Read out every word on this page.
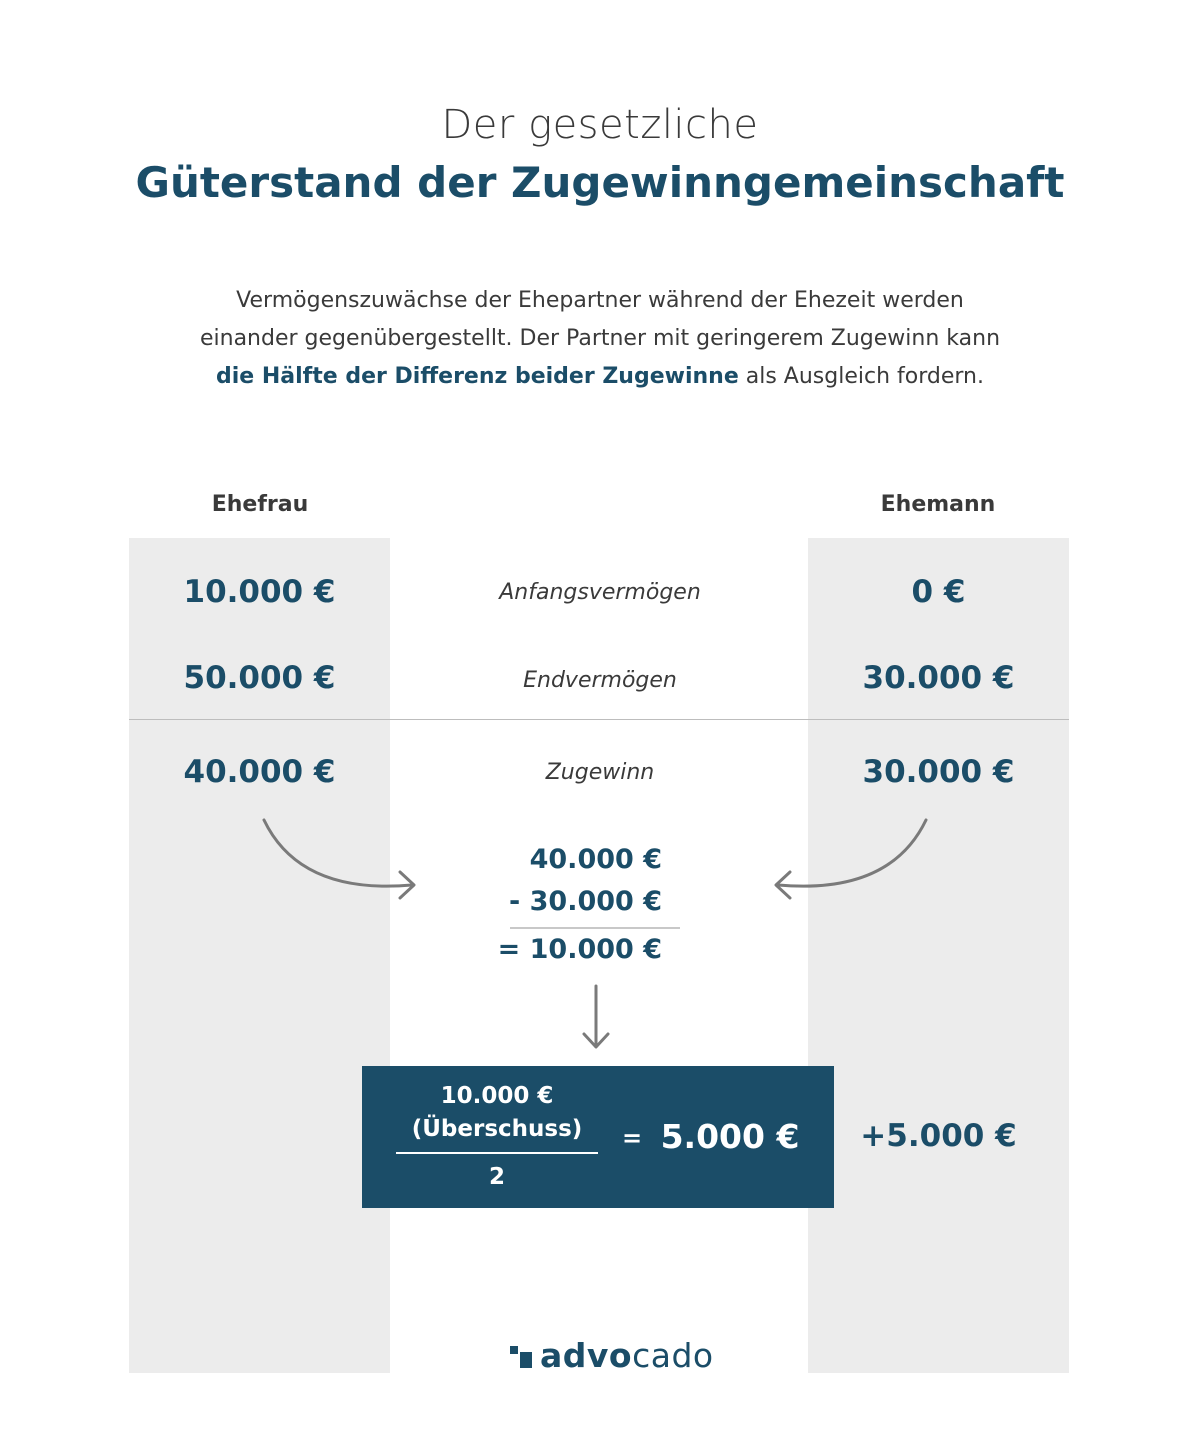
Der gesetzliche
Güterstand der Zugewinngemeinschaft
Vermögenszuwächse der Ehepartner während der Ehezeit werden
einander gegenübergestellt. Der Partner mit geringerem Zugewinn kann
die Hälfte der Differenz beider Zugewinne als Ausgleich fordern.
Ehefrau	Ehemann
10.000 €	Anfangsvermögen	0 €
50.000 €	Endvermögen	30.000 €
40.000 €	Zugewinn	30.000 €
40.000 €
- 30.000 €
= 10.000 €
10.000 €
(Überschuss)
2
= 5.000 €	+5.000 €
advocado
